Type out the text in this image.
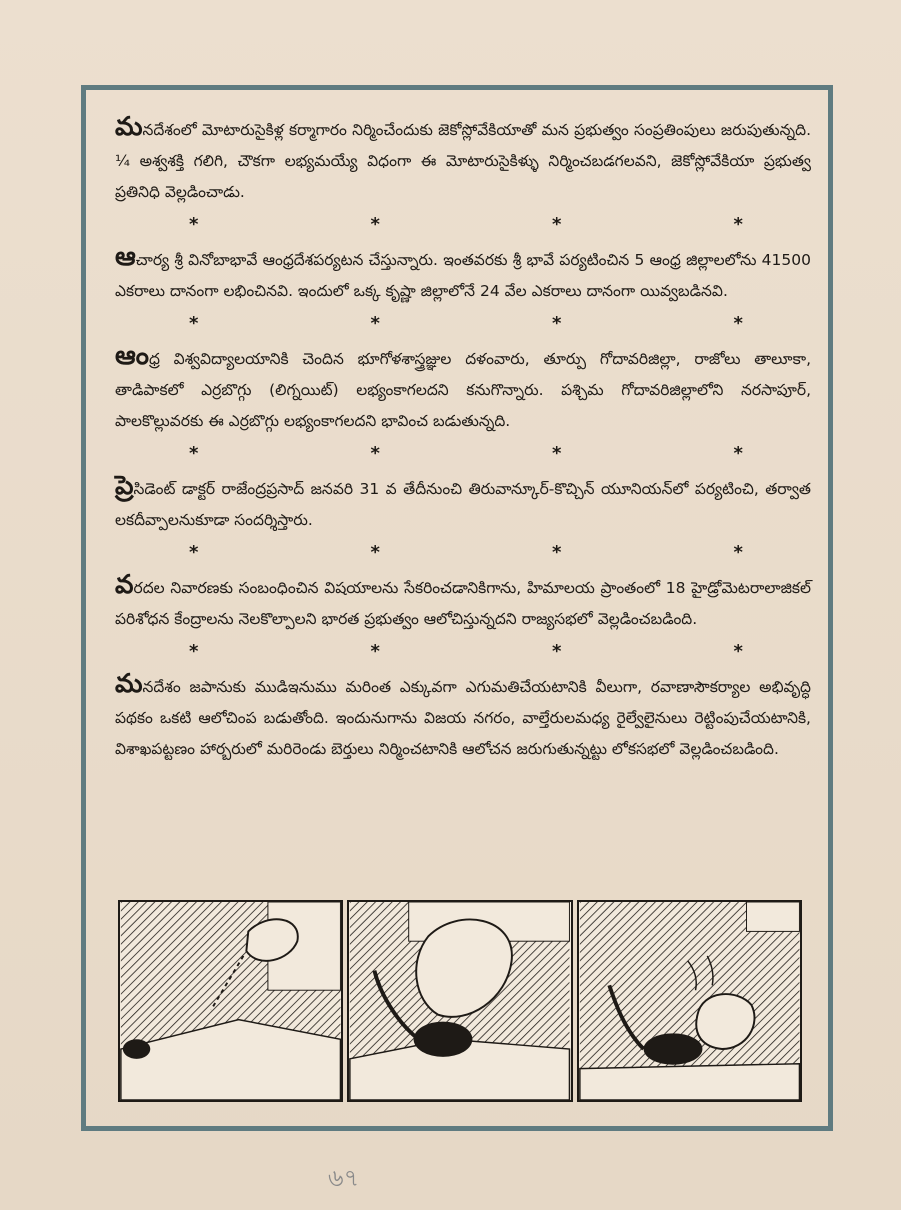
మనదేశంలో మోటారుసైకిళ్ల కర్మాగారం నిర్మించేందుకు జెకోస్లోవేకియాతో మన ప్రభుత్వం సంప్రతింపులు జరుపుతున్నది. ¼ అశ్వశక్తి గలిగి, చౌకగా లభ్యమయ్యే విధంగా ఈ మోటారుసైకిళ్ళు నిర్మించబడగలవని, జెకోస్లోవేకియా ప్రభుత్వ ప్రతినిధి వెల్లడించాడు.

*	*	*	*

ఆచార్య శ్రీ వినోబాభావే ఆంధ్రదేశపర్యటన చేస్తున్నారు. ఇంతవరకు శ్రీ భావే పర్యటించిన 5 ఆంధ్ర జిల్లాలలోను 41500 ఎకరాలు దానంగా లభించినవి. ఇందులో ఒక్క కృష్ణా జిల్లాలోనే 24 వేల ఎకరాలు దానంగా యివ్వబడినవి.

*	*	*	*

ఆంధ్ర విశ్వవిద్యాలయానికి చెందిన భూగోళశాస్త్రజ్ఞుల దళంవారు, తూర్పు గోదావరిజిల్లా, రాజోలు తాలూకా, తాడిపాకలో ఎర్రబొగ్గు (లిగ్నయిట్) లభ్యంకాగలదని కనుగొన్నారు. పశ్చిమ గోదావరిజిల్లాలోని నరసాపూర్, పాలకొల్లువరకు ఈ ఎర్రబొగ్గు లభ్యంకాగలదని భావించ బడుతున్నది.

*	*	*	*

ప్రెసిడెంట్ డాక్టర్ రాజేంద్రప్రసాద్ జనవరి 31 వ తేదీనుంచి తిరువాన్కూర్-కొచ్చిన్ యూనియన్‌లో పర్యటించి, తర్వాత లకదీవ్పాలనుకూడా సందర్శిస్తారు.

*	*	*	*

వరదల నివారణకు సంబంధించిన విషయాలను సేకరించడానికిగాను, హిమాలయ ప్రాంతంలో 18 హైడ్రోమెటరాలాజికల్ పరిశోధన కేంద్రాలను నెలకొల్పాలని భారత ప్రభుత్వం ఆలోచిస్తున్నదని రాజ్యసభలో వెల్లడించబడింది.

*	*	*	*

మనదేశం జపానుకు ముడిఇనుము మరింత ఎక్కువగా ఎగుమతిచేయటానికి వీలుగా, రవాణాసౌకర్యాల అభివృద్ధి పథకం ఒకటి ఆలోచింప బడుతోంది. ఇందునుగాను విజయ నగరం, వాల్తేరులమధ్య రైల్వేలైనులు రెట్టింపుచేయటానికి, విశాఖపట్టణం హార్బరులో మరిరెండు బెర్తులు నిర్మించటానికి ఆలోచన జరుగుతున్నట్టు లోకసభలో వెల్లడించబడింది.

৬৭
